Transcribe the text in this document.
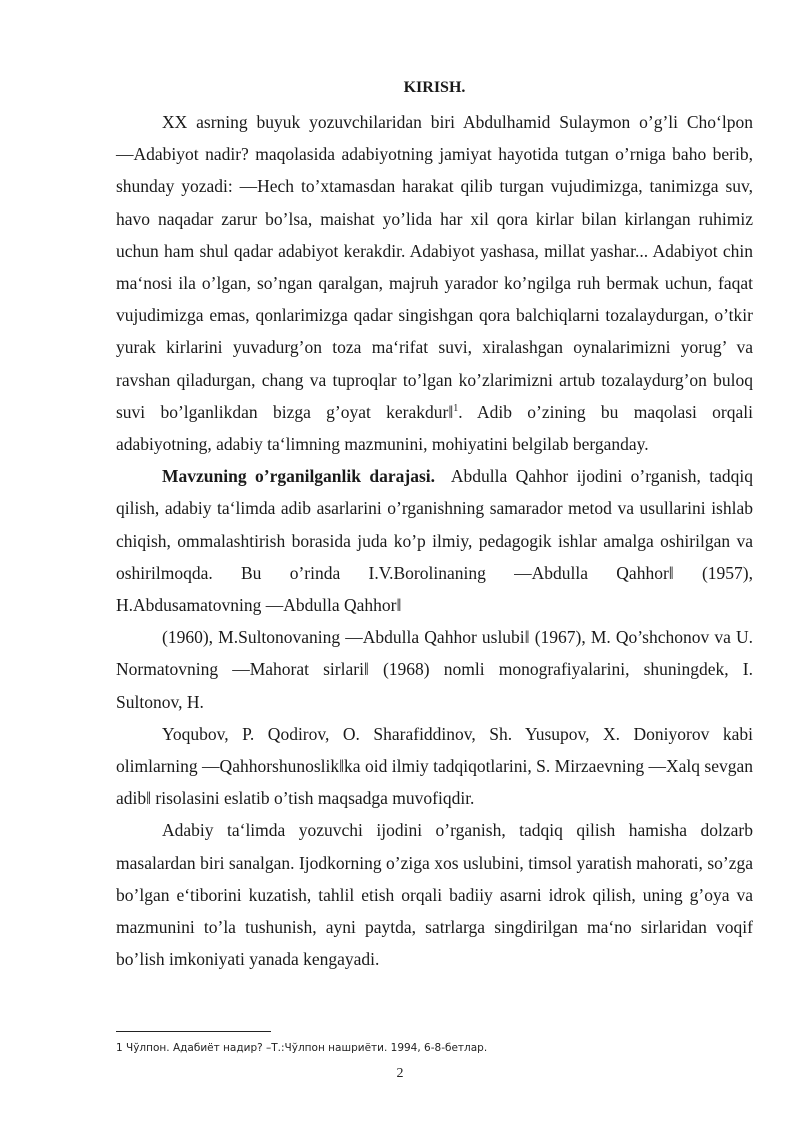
KIRISH.

XX asrning buyuk yozuvchilaridan biri Abdulhamid Sulaymon o’g’li Cho‘lpon ―Adabiyot nadir? maqolasida adabiyotning jamiyat hayotida tutgan o’rniga baho berib, shunday yozadi: ―Hech to’xtamasdan harakat qilib turgan vujudimizga, tanimizga suv, havo naqadar zarur bo’lsa, maishat yo’lida har xil qora kirlar bilan kirlangan ruhimiz uchun ham shul qadar adabiyot kerakdir. Adabiyot yashasa, millat yashar... Adabiyot chin ma‘nosi ila o’lgan, so’ngan qaralgan, majruh yarador ko’ngilga ruh bermak uchun, faqat vujudimizga emas, qonlarimizga qadar singishgan qora balchiqlarni tozalaydurgan, o’tkir yurak kirlarini yuvadurg’on toza ma‘rifat suvi, xiralashgan oynalarimizni yorug’ va ravshan qiladurgan, chang va tuproqlar to’lgan ko’zlarimizni artub tozalaydurg’on buloq suvi bo’lganlikdan bizga g’oyat kerakdur‖$^1$. Adib o’zining bu maqolasi orqali adabiyotning, adabiy ta‘limning mazmunini, mohiyatini belgilab berganday.

Mavzuning o’rganilganlik darajasi. Abdulla Qahhor ijodini o’rganish, tadqiq qilish, adabiy ta‘limda adib asarlarini o’rganishning samarador metod va usullarini ishlab chiqish, ommalashtirish borasida juda ko’p ilmiy, pedagogik ishlar amalga oshirilgan va oshirilmoqda. Bu o’rinda I.V.Borolinaning ―Abdulla Qahhor‖ (1957), H.Abdusamatovning ―Abdulla Qahhor‖

(1960), M.Sultonovaning ―Abdulla Qahhor uslubi‖ (1967), M. Qo’shchonov va U. Normatovning ―Mahorat sirlari‖ (1968) nomli monografiyalarini, shuningdek, I. Sultonov, H.

Yoqubov, P. Qodirov, O. Sharafiddinov, Sh. Yusupov, X. Doniyorov kabi olimlarning ―Qahhorshunoslik‖ka oid ilmiy tadqiqotlarini, S. Mirzaevning ―Xalq sevgan adib‖ risolasini eslatib o’tish maqsadga muvofiqdir.

Adabiy ta‘limda yozuvchi ijodini o’rganish, tadqiq qilish hamisha dolzarb masalardan biri sanalgan. Ijodkorning o’ziga xos uslubini, timsol yaratish mahorati, so’zga bo’lgan e‘tiborini kuzatish, tahlil etish orqali badiiy asarni idrok qilish, uning g’oya va mazmunini to’la tushunish, ayni paytda, satrlarga singdirilgan ma‘no sirlaridan voqif bo’lish imkoniyati yanada kengayadi.

1 Чўлпон. Адабиёт надир? –Т.:Чўлпон нашриёти. 1994, 6-8-бетлар.
2
